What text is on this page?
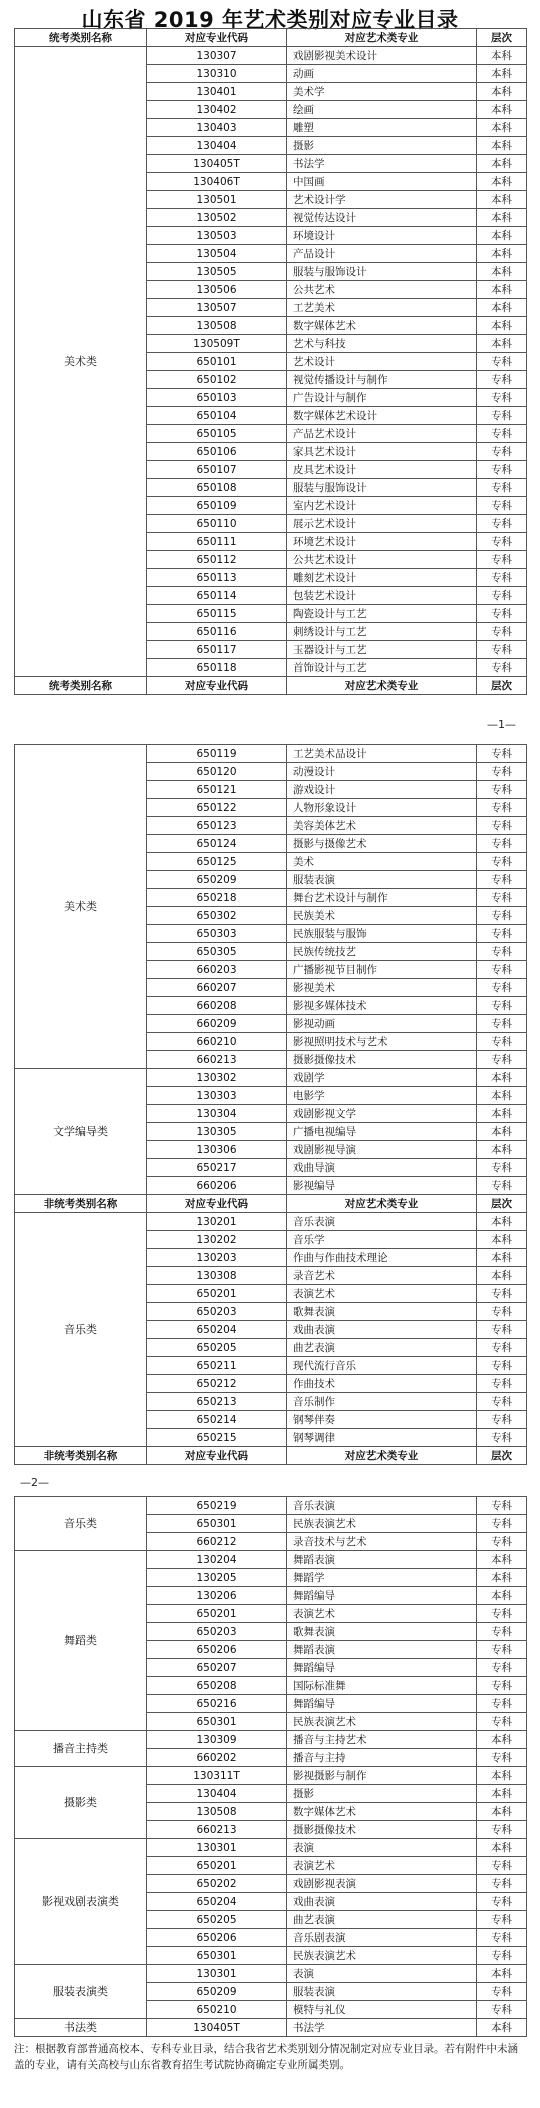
山东省 2019 年艺术类别对应专业目录
统考类别名称	对应专业代码	对应艺术类专业	层次
美术类	130307	戏剧影视美术设计	本科
	130310	动画	本科
	130401	美术学	本科
	130402	绘画	本科
	130403	雕塑	本科
	130404	摄影	本科
	130405T	书法学	本科
	130406T	中国画	本科
	130501	艺术设计学	本科
	130502	视觉传达设计	本科
	130503	环境设计	本科
	130504	产品设计	本科
	130505	服装与服饰设计	本科
	130506	公共艺术	本科
	130507	工艺美术	本科
	130508	数字媒体艺术	本科
	130509T	艺术与科技	本科
	650101	艺术设计	专科
	650102	视觉传播设计与制作	专科
	650103	广告设计与制作	专科
	650104	数字媒体艺术设计	专科
	650105	产品艺术设计	专科
	650106	家具艺术设计	专科
	650107	皮具艺术设计	专科
	650108	服装与服饰设计	专科
	650109	室内艺术设计	专科
	650110	展示艺术设计	专科
	650111	环境艺术设计	专科
	650112	公共艺术设计	专科
	650113	雕刻艺术设计	专科
	650114	包装艺术设计	专科
	650115	陶瓷设计与工艺	专科
	650116	刺绣设计与工艺	专科
	650117	玉器设计与工艺	专科
	650118	首饰设计与工艺	专科
统考类别名称	对应专业代码	对应艺术类专业	层次
—1—
美术类	650119	工艺美术品设计	专科
	650120	动漫设计	专科
	650121	游戏设计	专科
	650122	人物形象设计	专科
	650123	美容美体艺术	专科
	650124	摄影与摄像艺术	专科
	650125	美术	专科
	650209	服装表演	专科
	650218	舞台艺术设计与制作	专科
	650302	民族美术	专科
	650303	民族服装与服饰	专科
	650305	民族传统技艺	专科
	660203	广播影视节目制作	专科
	660207	影视美术	专科
	660208	影视多媒体技术	专科
	660209	影视动画	专科
	660210	影视照明技术与艺术	专科
	660213	摄影摄像技术	专科
文学编导类	130302	戏剧学	本科
	130303	电影学	本科
	130304	戏剧影视文学	本科
	130305	广播电视编导	本科
	130306	戏剧影视导演	本科
	650217	戏曲导演	专科
	660206	影视编导	专科
非统考类别名称	对应专业代码	对应艺术类专业	层次
音乐类	130201	音乐表演	本科
	130202	音乐学	本科
	130203	作曲与作曲技术理论	本科
	130308	录音艺术	本科
	650201	表演艺术	专科
	650203	歌舞表演	专科
	650204	戏曲表演	专科
	650205	曲艺表演	专科
	650211	现代流行音乐	专科
	650212	作曲技术	专科
	650213	音乐制作	专科
	650214	钢琴伴奏	专科
	650215	钢琴调律	专科
非统考类别名称	对应专业代码	对应艺术类专业	层次
—2—
音乐类	650219	音乐表演	专科
	650301	民族表演艺术	专科
	660212	录音技术与艺术	专科
舞蹈类	130204	舞蹈表演	本科
	130205	舞蹈学	本科
	130206	舞蹈编导	本科
	650201	表演艺术	专科
	650203	歌舞表演	专科
	650206	舞蹈表演	专科
	650207	舞蹈编导	专科
	650208	国际标准舞	专科
	650216	舞蹈编导	专科
	650301	民族表演艺术	专科
播音主持类	130309	播音与主持艺术	本科
	660202	播音与主持	专科
摄影类	130311T	影视摄影与制作	本科
	130404	摄影	本科
	130508	数字媒体艺术	本科
	660213	摄影摄像技术	专科
影视戏剧表演类	130301	表演	本科
	650201	表演艺术	专科
	650202	戏剧影视表演	专科
	650204	戏曲表演	专科
	650205	曲艺表演	专科
	650206	音乐剧表演	专科
	650301	民族表演艺术	专科
服装表演类	130301	表演	本科
	650209	服装表演	专科
	650210	模特与礼仪	专科
书法类	130405T	书法学	本科
注：根据教育部普通高校本、专科专业目录，结合我省艺术类别划分情况制定对应专业目录。若有附件中未涵盖的专业，请有关高校与山东省教育招生考试院协商确定专业所属类别。
